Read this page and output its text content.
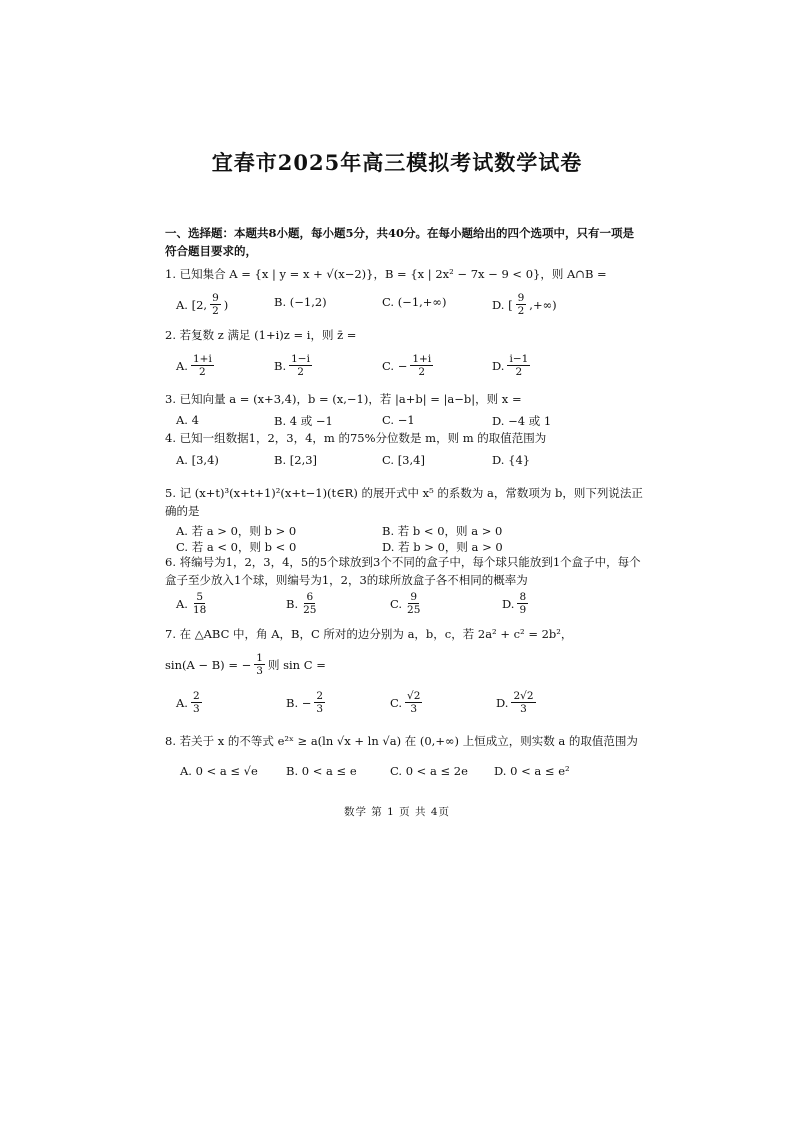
宜春市2025年高三模拟考试数学试卷
一、选择题：本题共8小题，每小题5分，共40分。在每小题给出的四个选项中，只有一项是符合题目要求的，
1. 已知集合 A = {x | y = x + √(x−2)}，B = {x | 2x² − 7x − 9 < 0}，则 A∩B =
A. [2, $\frac{9}{2}$ )	B. (−1,2)	C. (−1,+∞)	D. [ $\frac{9}{2}$ ,+∞)
2. 若复数 z 满足 (1+i)z = i，则 z̄ =
A. $\frac{1+i}{2}$	B. $\frac{1-i}{2}$	C. − $\frac{1+i}{2}$	D. $\frac{i-1}{2}$
3. 已知向量 a = (x+3,4)，b = (x,−1)，若 |a+b| = |a−b|，则 x =
A. 4	B. 4 或 −1	C. −1	D. −4 或 1
4. 已知一组数据1，2，3，4，m 的75%分位数是 m，则 m 的取值范围为
A. [3,4)	B. [2,3]	C. [3,4]	D. {4}
5. 记 (x+t)³(x+t+1)²(x+t−1)(t∈R) 的展开式中 x⁵ 的系数为 a，常数项为 b，则下列说法正确的是
A. 若 a > 0，则 b > 0	B. 若 b < 0，则 a > 0
C. 若 a < 0，则 b < 0	D. 若 b > 0，则 a > 0
6. 将编号为1，2，3，4，5的5个球放到3个不同的盒子中，每个球只能放到1个盒子中，每个盒子至少放入1个球，则编号为1，2，3的球所放盒子各不相同的概率为
A. $\frac{5}{18}$	B. $\frac{6}{25}$	C. $\frac{9}{25}$	D. $\frac{8}{9}$
7. 在 △ABC 中，角 A，B，C 所对的边分别为 a，b，c，若 2a² + c² = 2b²，
sin(A − B) = − $\frac{1}{3}$ 则 sin C =
A. $\frac{2}{3}$	B. − $\frac{2}{3}$	C. $\frac{√2}{3}$	D. $\frac{2√2}{3}$
8. 若关于 x 的不等式 e²ˣ ≥ a(ln √x + ln √a) 在 (0,+∞) 上恒成立，则实数 a 的取值范围为
A. 0 < a ≤ √e B. 0 < a ≤ e	C. 0 < a ≤ 2e D. 0 < a ≤ e²
数学 第 1 页 共 4页
